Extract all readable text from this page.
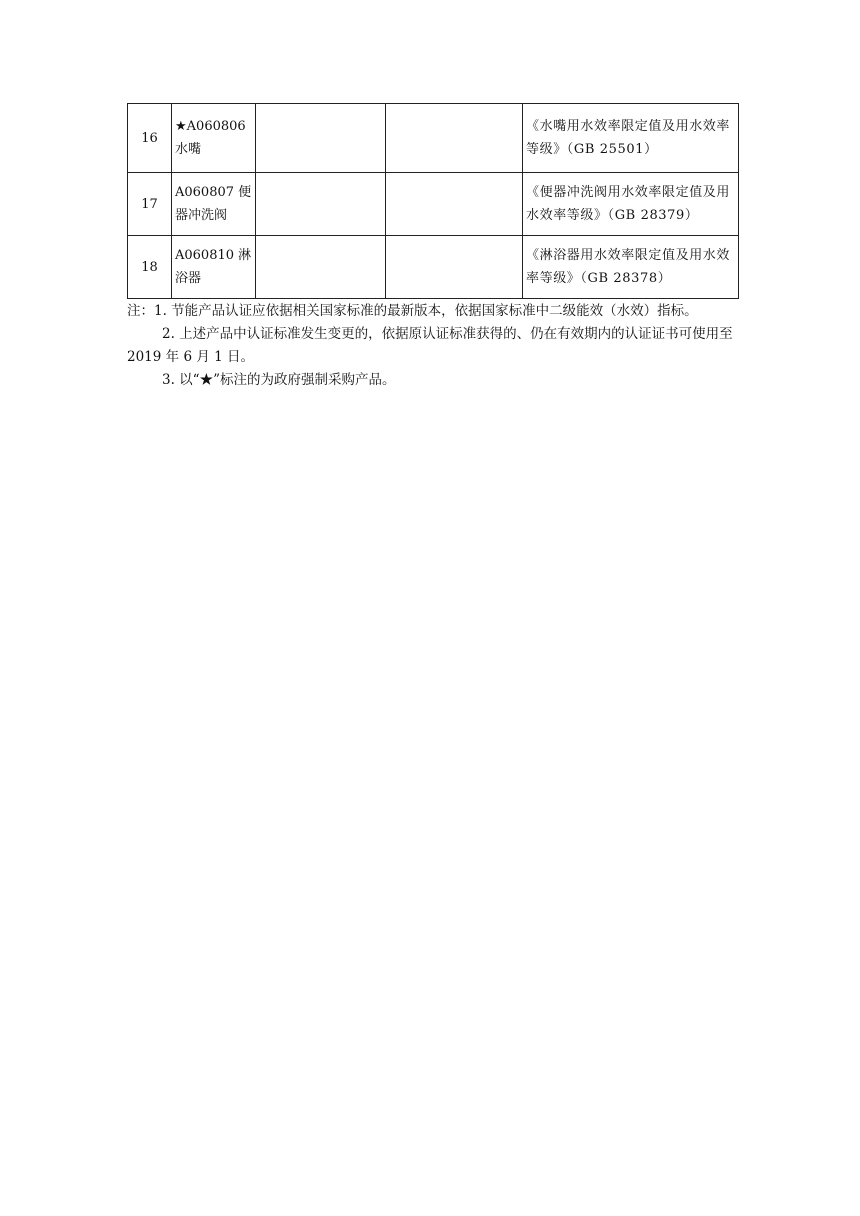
16	★A060806 水嘴			《水嘴用水效率限定值及用水效率等级》（GB 25501）
17	A060807 便器冲洗阀			《便器冲洗阀用水效率限定值及用水效率等级》（GB 28379）
18	A060810 淋浴器			《淋浴器用水效率限定值及用水效率等级》（GB 28378）

注：1. 节能产品认证应依据相关国家标准的最新版本，依据国家标准中二级能效（水效）指标。

2. 上述产品中认证标准发生变更的，依据原认证标准获得的、仍在有效期内的认证证书可使用至 2019 年 6 月 1 日。

3. 以“★”标注的为政府强制采购产品。
